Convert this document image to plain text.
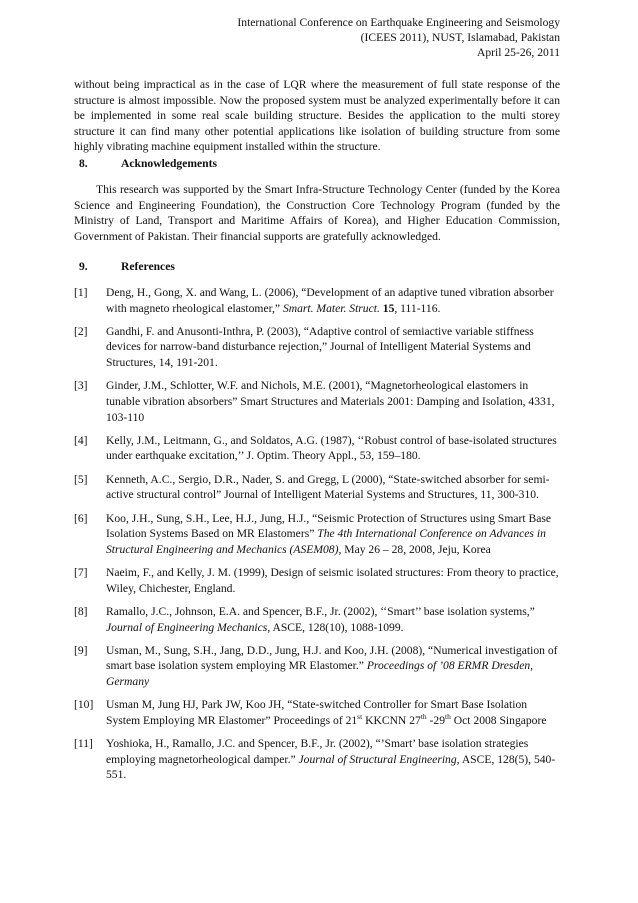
International Conference on Earthquake Engineering and Seismology
(ICEES 2011), NUST, Islamabad, Pakistan
April 25-26, 2011
without being impractical as in the case of LQR where the measurement of full state response of the structure is almost impossible. Now the proposed system must be analyzed experimentally before it can be implemented in some real scale building structure. Besides the application to the multi storey structure it can find many other potential applications like isolation of building structure from some highly vibrating machine equipment installed within the structure.
8.	Acknowledgements
This research was supported by the Smart Infra-Structure Technology Center (funded by the Korea Science and Engineering Foundation), the Construction Core Technology Program (funded by the Ministry of Land, Transport and Maritime Affairs of Korea), and Higher Education Commission, Government of Pakistan. Their financial supports are gratefully acknowledged.
9.	References
[1]	Deng, H., Gong, X. and Wang, L. (2006), “Development of an adaptive tuned vibration absorber with magneto rheological elastomer,” Smart. Mater. Struct. 15, 111-116.
[2]	Gandhi, F. and Anusonti-Inthra, P. (2003), “Adaptive control of semiactive variable stiffness devices for narrow-band disturbance rejection,” Journal of Intelligent Material Systems and Structures, 14, 191-201.
[3]	Ginder, J.M., Schlotter, W.F. and Nichols, M.E. (2001), “Magnetorheological elastomers in tunable vibration absorbers” Smart Structures and Materials 2001: Damping and Isolation, 4331, 103-110
[4]	Kelly, J.M., Leitmann, G., and Soldatos, A.G. (1987), ‘‘Robust control of base-isolated structures under earthquake excitation,’’ J. Optim. Theory Appl., 53, 159–180.
[5]	Kenneth, A.C., Sergio, D.R., Nader, S. and Gregg, L (2000), “State-switched absorber for semi-active structural control” Journal of Intelligent Material Systems and Structures, 11, 300-310.
[6]	Koo, J.H., Sung, S.H., Lee, H.J., Jung, H.J., “Seismic Protection of Structures using Smart Base Isolation Systems Based on MR Elastomers” The 4th International Conference on Advances in Structural Engineering and Mechanics (ASEM08), May 26 – 28, 2008, Jeju, Korea
[7]	Naeim, F., and Kelly, J. M. (1999), Design of seismic isolated structures: From theory to practice, Wiley, Chichester, England.
[8]	Ramallo, J.C., Johnson, E.A. and Spencer, B.F., Jr. (2002), ‘‘Smart’’ base isolation systems,” Journal of Engineering Mechanics, ASCE, 128(10), 1088-1099.
[9]	Usman, M., Sung, S.H., Jang, D.D., Jung, H.J. and Koo, J.H. (2008), “Numerical investigation of smart base isolation system employing MR Elastomer.” Proceedings of ’08 ERMR Dresden, Germany
[10]	Usman M, Jung HJ, Park JW, Koo JH, “State-switched Controller for Smart Base Isolation System Employing MR Elastomer” Proceedings of 21st KKCNN 27th -29th Oct 2008 Singapore
[11]	Yoshioka, H., Ramallo, J.C. and Spencer, B.F., Jr. (2002), “’Smart’ base isolation strategies employing magnetorheological damper.” Journal of Structural Engineering, ASCE, 128(5), 540-551.
